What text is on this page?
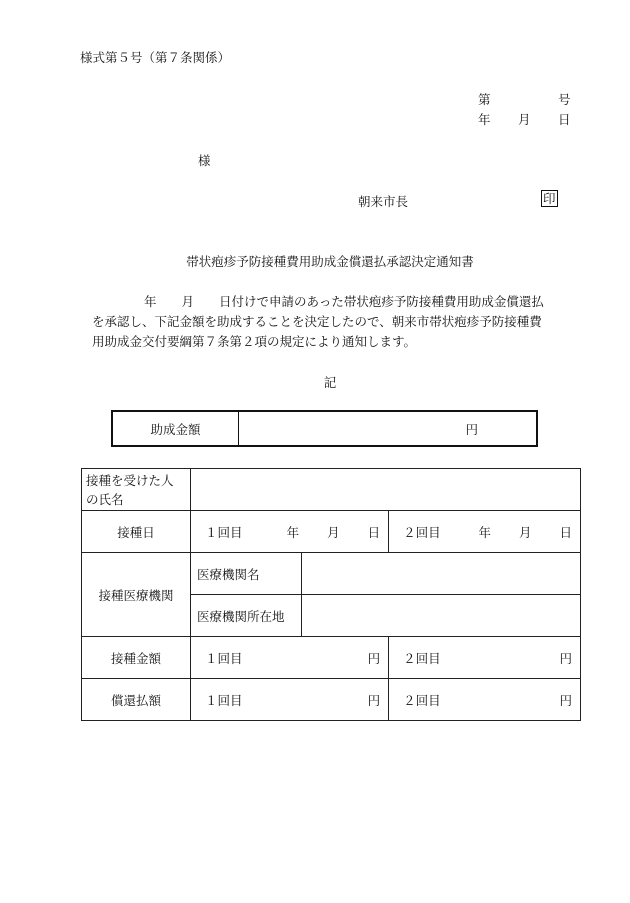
様式第５号（第７条関係）
第	号
年 月 日
様
朝来市長	印
帯状疱疹予防接種費用助成金償還払承認決定通知書
年　　月　　日付けで申請のあった帯状疱疹予防接種費用助成金償還払
を承認し、下記金額を助成することを決定したので、朝来市帯状疱疹予防接種費
用助成金交付要綱第７条第２項の規定により通知します。
記
助成金額	円
接種を受けた人
の氏名			
接種日	１回目 年 月 日		２回目 年 月 日

接種医療機関	医療機関名		
	医療機関所在地		
接種金額	１回目 円		２回目 円

償還払額	１回目 円		２回目 円
